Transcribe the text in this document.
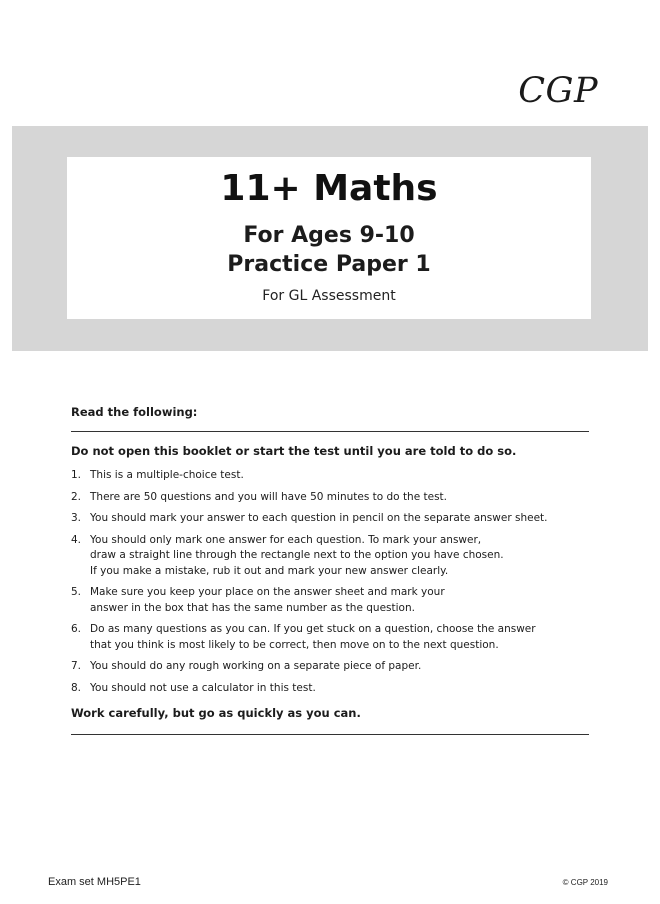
CGP
11+ Maths
For Ages 9-10
Practice Paper 1
For GL Assessment
Read the following:
Do not open this booklet or start the test until you are told to do so.
1. This is a multiple-choice test.
2. There are 50 questions and you will have 50 minutes to do the test.
3. You should mark your answer to each question in pencil on the separate answer sheet.
4. You should only mark one answer for each question. To mark your answer,
draw a straight line through the rectangle next to the option you have chosen.
If you make a mistake, rub it out and mark your new answer clearly.
5. Make sure you keep your place on the answer sheet and mark your
answer in the box that has the same number as the question.
6. Do as many questions as you can. If you get stuck on a question, choose the answer
that you think is most likely to be correct, then move on to the next question.
7. You should do any rough working on a separate piece of paper.
8. You should not use a calculator in this test.
Work carefully, but go as quickly as you can.
Exam set MH5PE1	© CGP 2019
